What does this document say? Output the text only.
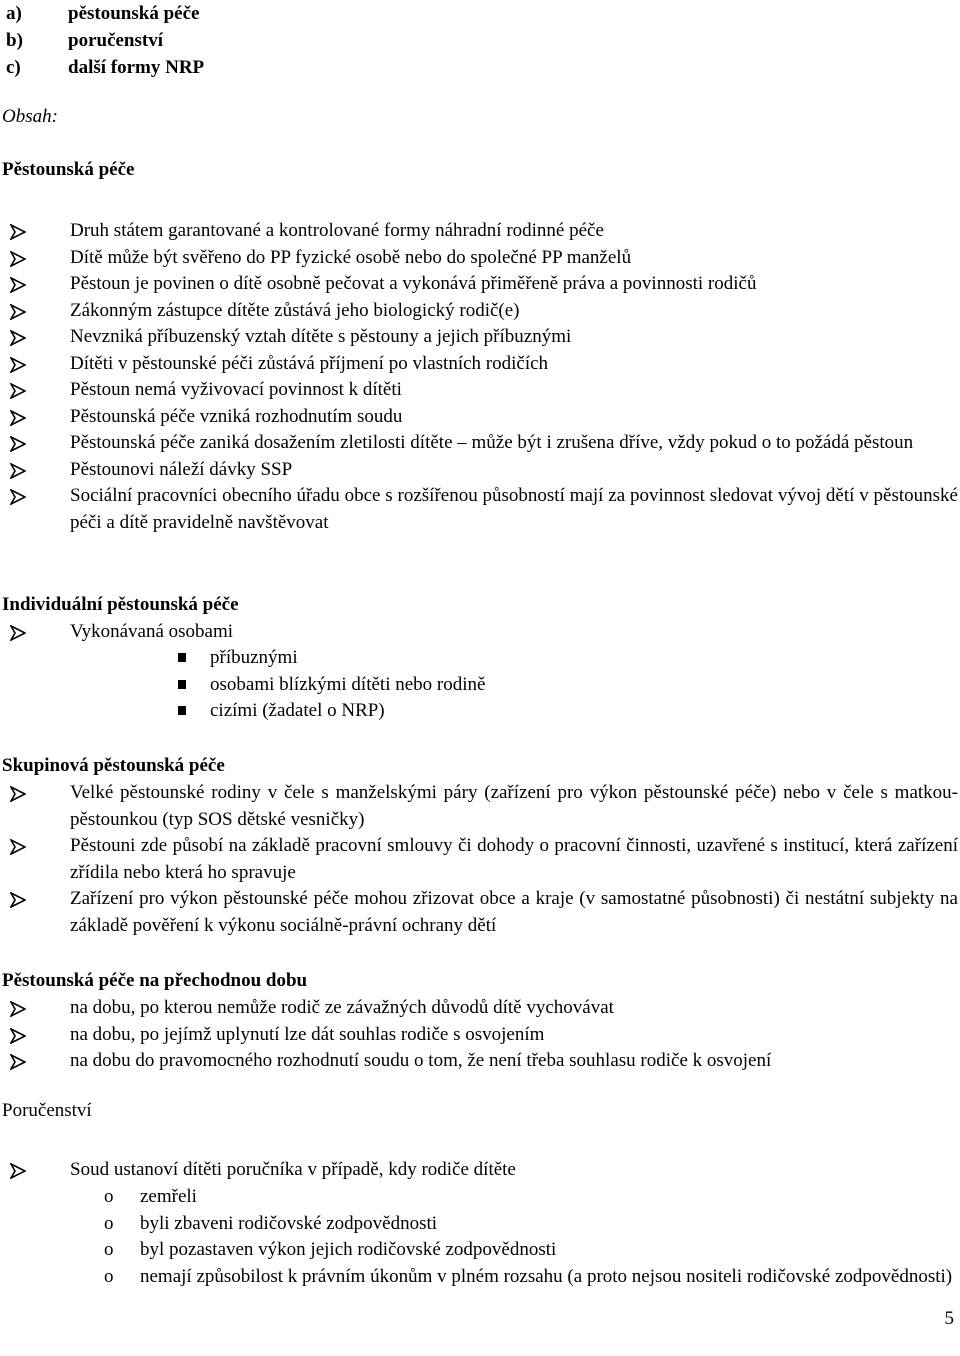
a) pěstounská péče
b) poručenství
c) další formy NRP
Obsah:
Pěstounská péče
Druh státem garantované a kontrolované formy náhradní rodinné péče
Dítě může být svěřeno do PP fyzické osobě nebo do společné PP manželů
Pěstoun je povinen o dítě osobně pečovat a vykonává přiměřeně práva a povinnosti rodičů
Zákonným zástupce dítěte zůstává jeho biologický rodič(e)
Nevzniká příbuzenský vztah dítěte s pěstouny a jejich příbuznými
Dítěti v pěstounské péči zůstává příjmení po vlastních rodičích
Pěstoun nemá vyživovací povinnost k dítěti
Pěstounská péče vzniká rozhodnutím soudu
Pěstounská péče zaniká dosažením zletilosti dítěte – může být i zrušena dříve, vždy pokud o to požádá pěstoun
Pěstounovi náleží dávky SSP
Sociální pracovníci obecního úřadu obce s rozšířenou působností mají za povinnost sledovat vývoj dětí v pěstounské péči a dítě pravidelně navštěvovat
Individuální pěstounská péče
Vykonávaná osobami
příbuznými
osobami blízkými dítěti nebo rodině
cizími (žadatel o NRP)
Skupinová pěstounská péče
Velké pěstounské rodiny v čele s manželskými páry (zařízení pro výkon pěstounské péče) nebo v čele s matkou-pěstounkou (typ SOS dětské vesničky)
Pěstouni zde působí na základě pracovní smlouvy či dohody o pracovní činnosti, uzavřené s institucí, která zařízení zřídila nebo která ho spravuje
Zařízení pro výkon pěstounské péče mohou zřizovat obce a kraje (v samostatné působnosti) či nestátní subjekty na základě pověření k výkonu sociálně-právní ochrany dětí
Pěstounská péče na přechodnou dobu
na dobu, po kterou nemůže rodič ze závažných důvodů dítě vychovávat
na dobu, po jejímž uplynutí lze dát souhlas rodiče s osvojením
na dobu do pravomocného rozhodnutí soudu o tom, že není třeba souhlasu rodiče k osvojení
Poručenství
Soud ustanoví dítěti poručníka v případě, kdy rodiče dítěte
o zemřeli
o byli zbaveni rodičovské zodpovědnosti
o byl pozastaven výkon jejich rodičovské zodpovědnosti
o nemají způsobilost k právním úkonům v plném rozsahu (a proto nejsou nositeli rodičovské zodpovědnosti)
5
